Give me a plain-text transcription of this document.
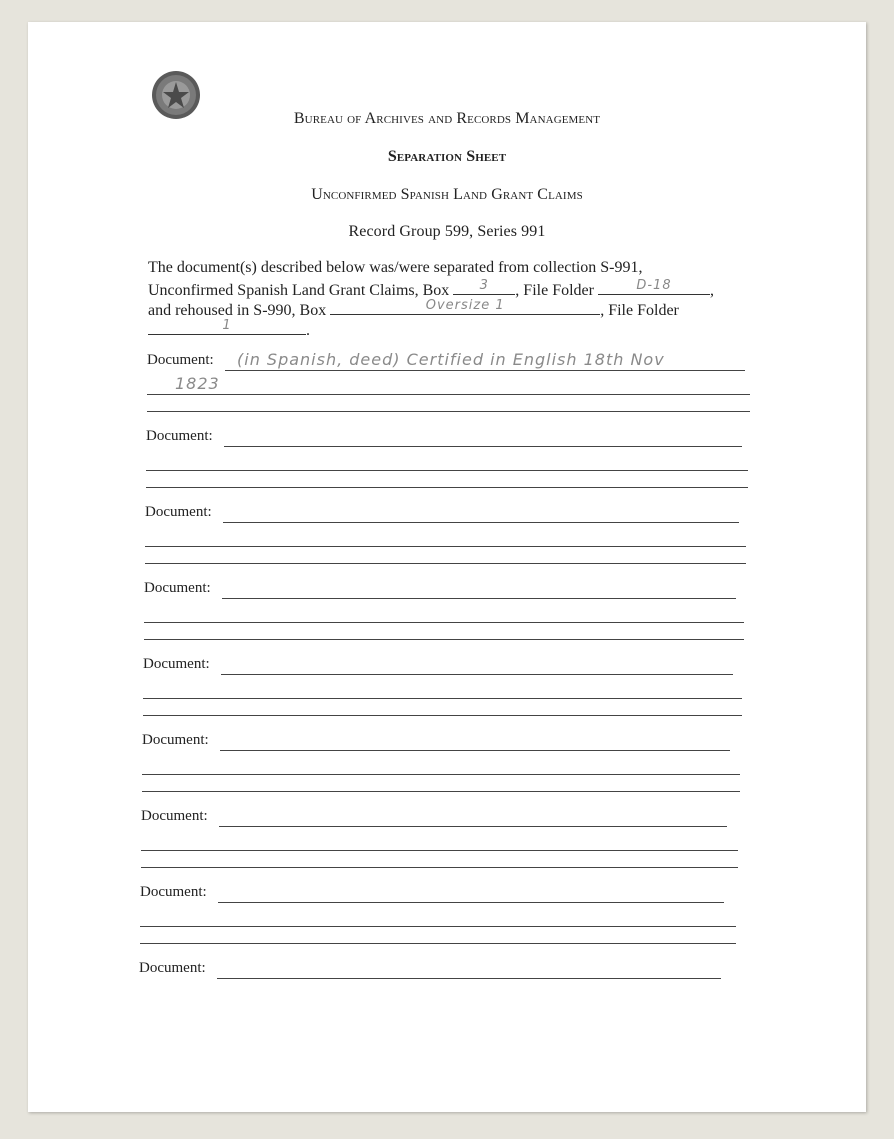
Bureau of Archives and Records Management
Separation Sheet
Unconfirmed Spanish Land Grant Claims
Record Group 599, Series 991
The document(s) described below was/were separated from collection S-991,
Unconfirmed Spanish Land Grant Claims, Box	3	, File Folder	D-18	,
and rehoused in S-990, Box	Oversize 1	, File Folder
1	.
Document: (in Spanish, deed) Certified in English 18th Nov
1823
Document:
Document:
Document:
Document:
Document:
Document:
Document:
Document:
